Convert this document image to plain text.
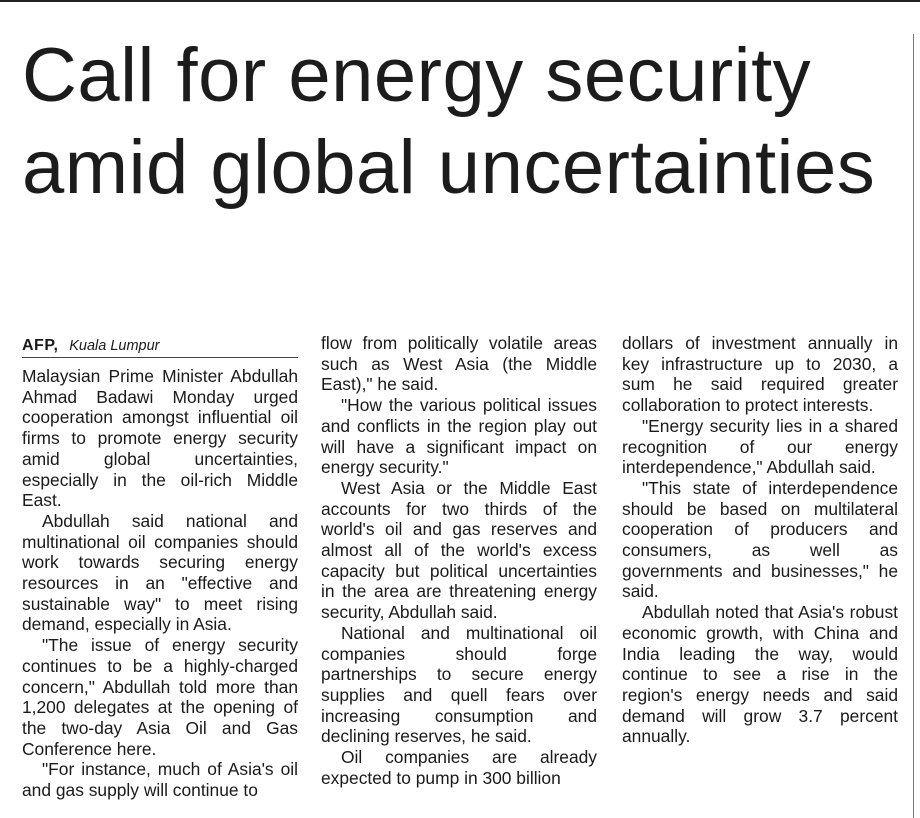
Call for energy security amid global uncertainties
AFP, Kuala Lumpur

Malaysian Prime Minister Abdullah Ahmad Badawi Monday urged cooperation amongst influential oil firms to promote energy security amid global uncertainties, especially in the oil-rich Middle East.

Abdullah said national and multinational oil companies should work towards securing energy resources in an "effective and sustainable way" to meet rising demand, especially in Asia.

"The issue of energy security continues to be a highly-charged concern," Abdullah told more than 1,200 delegates at the opening of the two-day Asia Oil and Gas Conference here.

"For instance, much of Asia's oil and gas supply will continue to

flow from politically volatile areas such as West Asia (the Middle East)," he said.

"How the various political issues and conflicts in the region play out will have a significant impact on energy security."

West Asia or the Middle East accounts for two thirds of the world's oil and gas reserves and almost all of the world's excess capacity but political uncertainties in the area are threatening energy security, Abdullah said.

National and multinational oil companies should forge partnerships to secure energy supplies and quell fears over increasing consumption and declining reserves, he said.

Oil companies are already expected to pump in 300 billion

dollars of investment annually in key infrastructure up to 2030, a sum he said required greater collaboration to protect interests.

"Energy security lies in a shared recognition of our energy interdependence," Abdullah said.

"This state of interdependence should be based on multilateral cooperation of producers and consumers, as well as governments and businesses," he said.

Abdullah noted that Asia's robust economic growth, with China and India leading the way, would continue to see a rise in the region's energy needs and said demand will grow 3.7 percent annually.
